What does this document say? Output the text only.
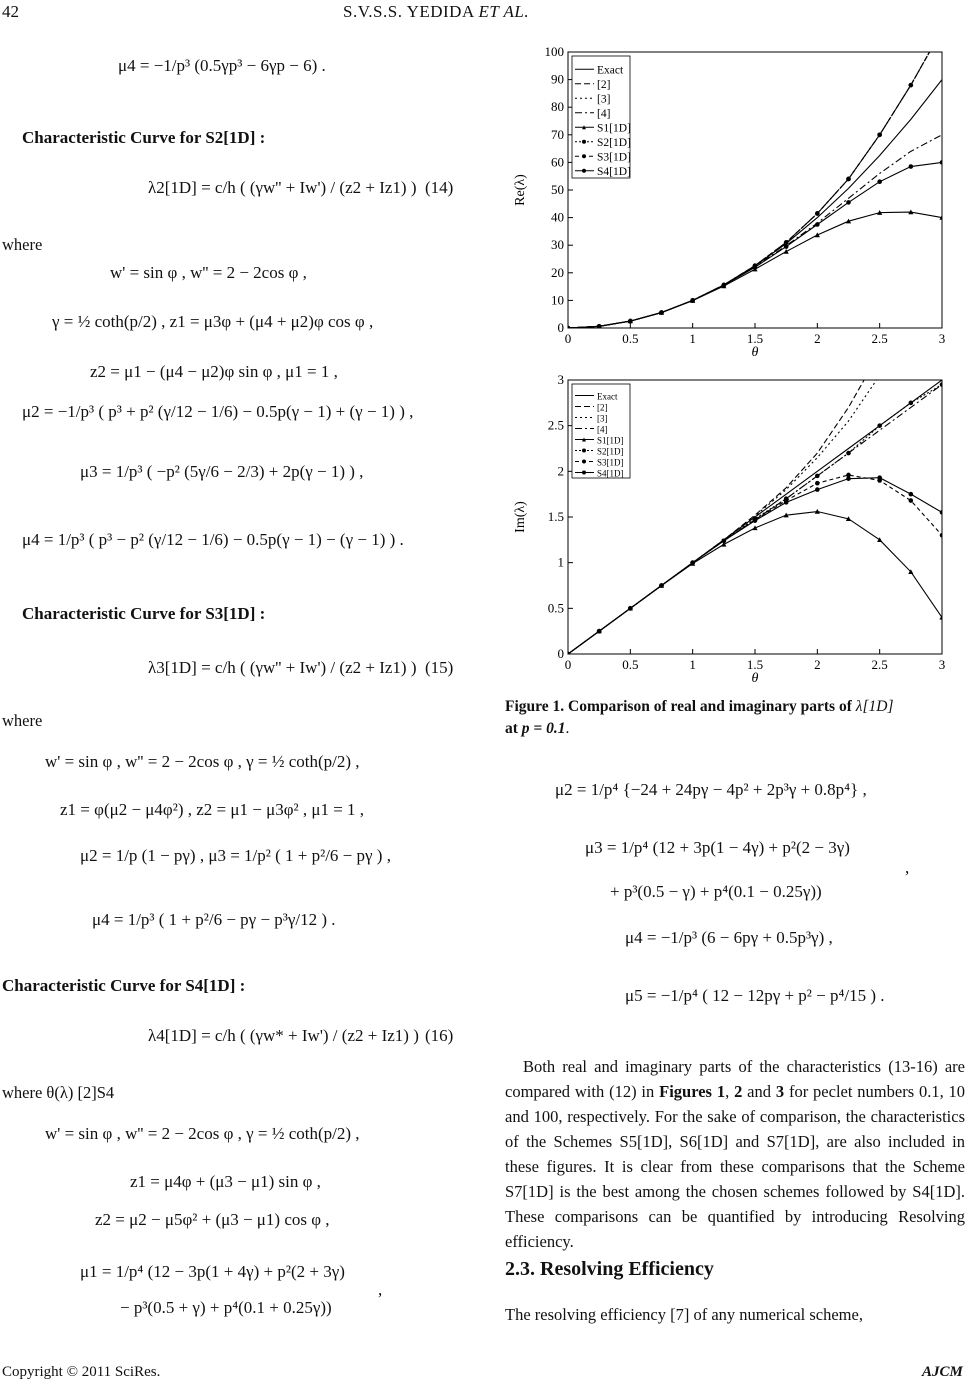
42	S.V.S.S. YEDIDA ET AL.
μ4 = −1/p³ (0.5γp³ − 6γp − 6) .
Characteristic Curve for S2[1D] :
λ2[1D] = c/h ( (γw'' + Iw') / (z2 + Iz1) ) (14)
where
w' = sin φ , w'' = 2 − 2cos φ ,
γ = ½ coth(p/2) , z1 = μ3φ + (μ4 + μ2)φ cos φ ,
z2 = μ1 − (μ4 − μ2)φ sin φ , μ1 = 1 ,
μ2 = −1/p³ ( p³ + p² (γ/12 − 1/6) − 0.5p(γ − 1) + (γ − 1) ) ,
μ3 = 1/p³ ( −p² (5γ/6 − 2/3) + 2p(γ − 1) ) ,
μ4 = 1/p³ ( p³ − p² (γ/12 − 1/6) − 0.5p(γ − 1) − (γ − 1) ) .
Characteristic Curve for S3[1D] :
λ3[1D] = c/h ( (γw'' + Iw') / (z2 + Iz1) ) (15)
where
w' = sin φ , w'' = 2 − 2cos φ , γ = ½ coth(p/2) ,
z1 = φ(μ2 − μ4φ²) , z2 = μ1 − μ3φ² , μ1 = 1 ,
μ2 = 1/p (1 − pγ) , μ3 = 1/p² ( 1 + p²/6 − pγ ) ,
μ4 = 1/p³ ( 1 + p²/6 − pγ − p³γ/12 ) .
Characteristic Curve for S4[1D] :
λ4[1D] = c/h ( (γw* + Iw') / (z2 + Iz1) ) (16)
where θ(λ) [2]S4
w' = sin φ , w'' = 2 − 2cos φ , γ = ½ coth(p/2) ,
z1 = μ4φ + (μ3 − μ1) sin φ ,
z2 = μ2 − μ5φ² + (μ3 − μ1) cos φ ,
μ1 = 1/p⁴ (12 − 3p(1 + 4γ) + p²(2 + 3γ)
,
− p³(0.5 + γ) + p⁴(0.1 + 0.25γ))
0
10
20
30
40
50
60
70
80
90
100
0	0.5	1	1.5	2	2.5	3
Re(λ)
θ
Exact
[2]
[3]
[4]
S1[1D]
S2[1D]
S3[1D]
S4[1D]
0
0.5
1
1.5
2
2.5
3
0	0.5	1	1.5	2	2.5	3
Im(λ)
θ
Exact
[2]
[3]
[4]
S1[1D]
S2[1D]
S3[1D]
S4[1D]
Figure 1. Comparison of real and imaginary parts of λ[1D]
at p = 0.1.
μ2 = 1/p⁴ {−24 + 24pγ − 4p² + 2p³γ + 0.8p⁴} ,
μ3 = 1/p⁴ (12 + 3p(1 − 4γ) + p²(2 − 3γ)
,
+ p³(0.5 − γ) + p⁴(0.1 − 0.25γ))
μ4 = −1/p³ (6 − 6pγ + 0.5p³γ) ,
μ5 = −1/p⁴ ( 12 − 12pγ + p² − p⁴/15 ) .
Both real and imaginary parts of the characteristics (13-16) are compared with (12) in Figures 1, 2 and 3 for peclet numbers 0.1, 10 and 100, respectively. For the sake of comparison, the characteristics of the Schemes S5[1D], S6[1D] and S7[1D], are also included in these figures. It is clear from these comparisons that the Scheme S7[1D] is the best among the chosen schemes followed by S4[1D]. These comparisons can be quantified by introducing Resolving efficiency.
2.3. Resolving Efficiency
The resolving efficiency [7] of any numerical scheme,
Copyright © 2011 SciRes.	AJCM
